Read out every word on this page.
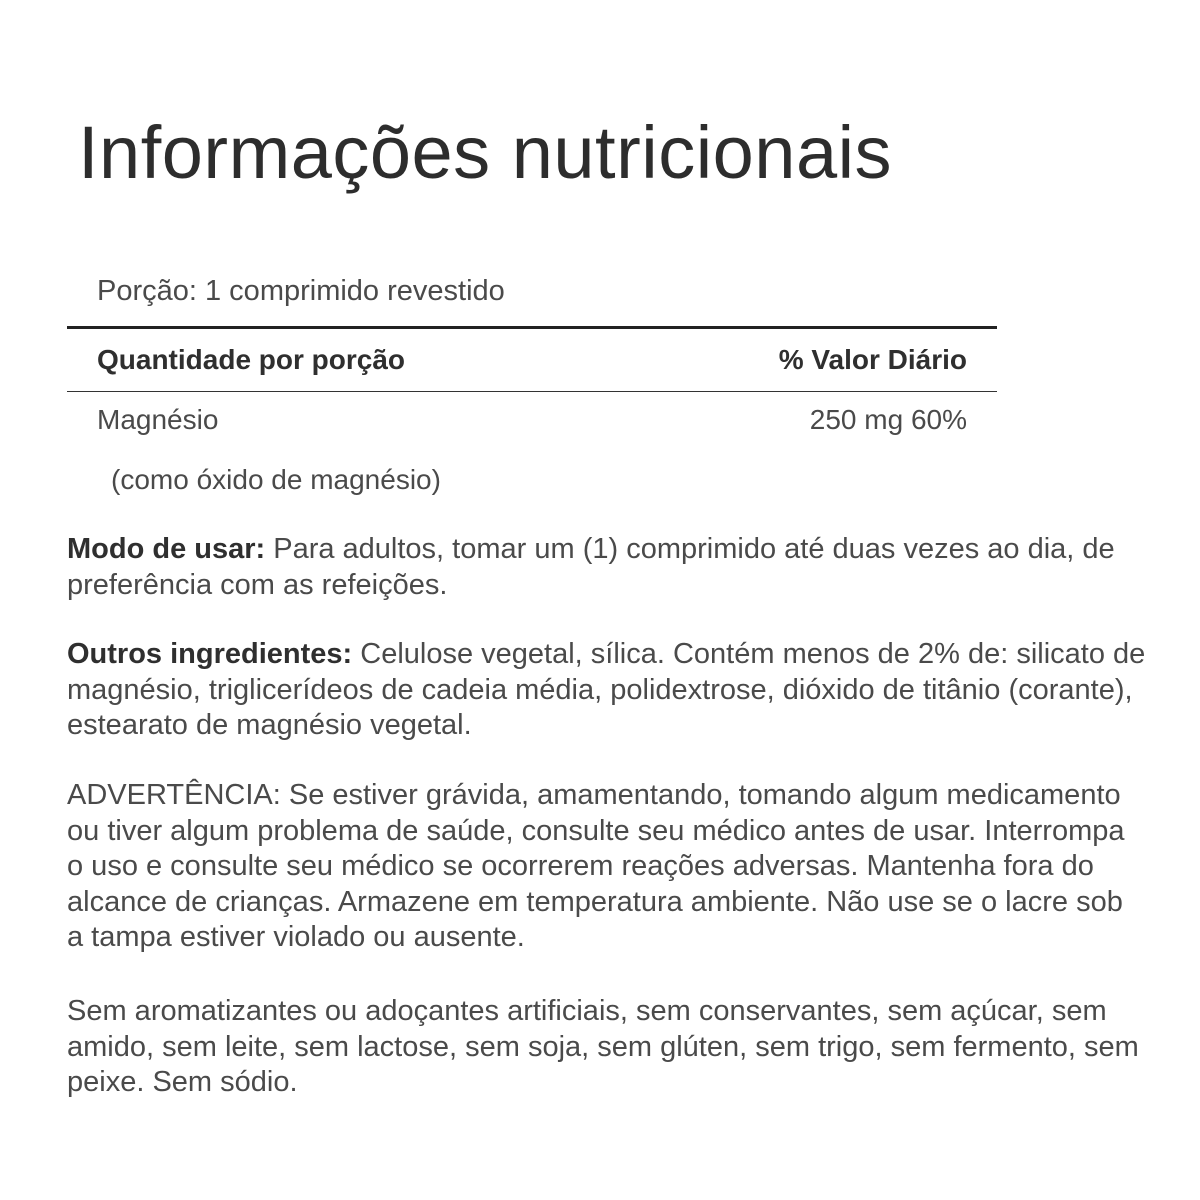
Informações nutricionais
Porção: 1 comprimido revestido
Quantidade por porção	% Valor Diário
Magnésio	250 mg 60%
(como óxido de magnésio)

Modo de usar: Para adultos, tomar um (1) comprimido até duas vezes ao dia, de preferência com as refeições.

Outros ingredientes: Celulose vegetal, sílica. Contém menos de 2% de: silicato de magnésio, triglicerídeos de cadeia média, polidextrose, dióxido de titânio (corante), estearato de magnésio vegetal.

ADVERTÊNCIA: Se estiver grávida, amamentando, tomando algum medicamento ou tiver algum problema de saúde, consulte seu médico antes de usar. Interrompa o uso e consulte seu médico se ocorrerem reações adversas. Mantenha fora do alcance de crianças. Armazene em temperatura ambiente. Não use se o lacre sob a tampa estiver violado ou ausente.

Sem aromatizantes ou adoçantes artificiais, sem conservantes, sem açúcar, sem amido, sem leite, sem lactose, sem soja, sem glúten, sem trigo, sem fermento, sem peixe. Sem sódio.
